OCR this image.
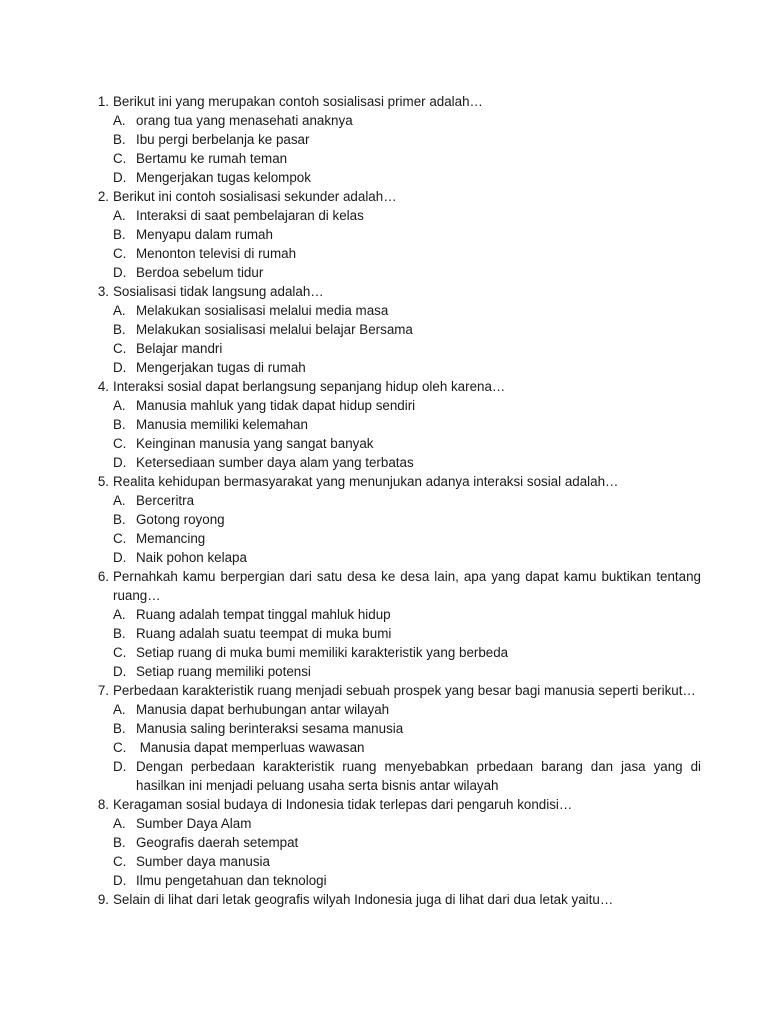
1. Berikut ini yang merupakan contoh sosialisasi primer adalah…
A. orang tua yang menasehati anaknya
B. Ibu pergi berbelanja ke pasar
C. Bertamu ke rumah teman
D. Mengerjakan tugas kelompok
2. Berikut ini contoh sosialisasi sekunder adalah…
A. Interaksi di saat pembelajaran di kelas
B. Menyapu dalam rumah
C. Menonton televisi di rumah
D. Berdoa sebelum tidur
3. Sosialisasi tidak langsung adalah…
A. Melakukan sosialisasi melalui media masa
B. Melakukan sosialisasi melalui belajar Bersama
C. Belajar mandri
D. Mengerjakan tugas di rumah
4. Interaksi sosial dapat berlangsung sepanjang hidup oleh karena…
A. Manusia mahluk yang tidak dapat hidup sendiri
B. Manusia memiliki kelemahan
C. Keinginan manusia yang sangat banyak
D. Ketersediaan sumber daya alam yang terbatas
5. Realita kehidupan bermasyarakat yang menunjukan adanya interaksi sosial adalah…
A. Berceritra
B. Gotong royong
C. Memancing
D. Naik pohon kelapa
6. Pernahkah kamu berpergian dari satu desa ke desa lain, apa yang dapat kamu buktikan tentang ruang…
A. Ruang adalah tempat tinggal mahluk hidup
B. Ruang adalah suatu teempat di muka bumi
C. Setiap ruang di muka bumi memiliki karakteristik yang berbeda
D. Setiap ruang memiliki potensi
7. Perbedaan karakteristik ruang menjadi sebuah prospek yang besar bagi manusia seperti berikut…
A. Manusia dapat berhubungan antar wilayah
B. Manusia saling berinteraksi sesama manusia
C. Manusia dapat memperluas wawasan
D. Dengan perbedaan karakteristik ruang menyebabkan prbedaan barang dan jasa yang di hasilkan ini menjadi peluang usaha serta bisnis antar wilayah
8. Keragaman sosial budaya di Indonesia tidak terlepas dari pengaruh kondisi…
A. Sumber Daya Alam
B. Geografis daerah setempat
C. Sumber daya manusia
D. Ilmu pengetahuan dan teknologi
9. Selain di lihat dari letak geografis wilyah Indonesia juga di lihat dari dua letak yaitu…
